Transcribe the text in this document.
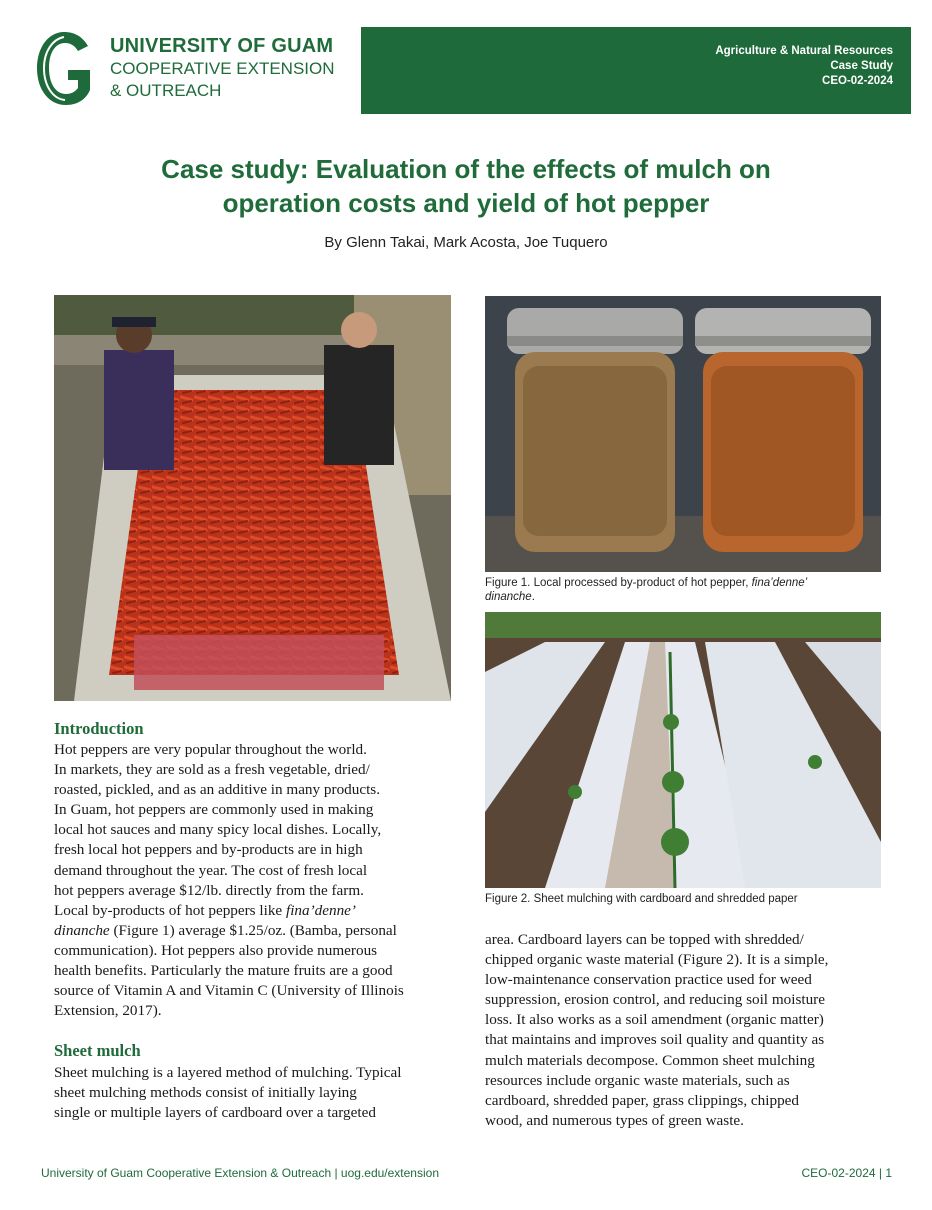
UNIVERSITY OF GUAM
COOPERATIVE EXTENSION
& OUTREACH
Agriculture & Natural Resources
Case Study
CEO-02-2024
Case study: Evaluation of the effects of mulch on
operation costs and yield of hot pepper
By Glenn Takai, Mark Acosta, Joe Tuquero
Figure 1. Local processed by-product of hot pepper, fina’denne’
dinanche.
Figure 2. Sheet mulching with cardboard and shredded paper
Introduction
Hot peppers are very popular throughout the world.
In markets, they are sold as a fresh vegetable, dried/
roasted, pickled, and as an additive in many products.
In Guam, hot peppers are commonly used in making
local hot sauces and many spicy local dishes. Locally,
fresh local hot peppers and by-products are in high
demand throughout the year. The cost of fresh local
hot peppers average $12/lb. directly from the farm.
Local by-products of hot peppers like fina’denne’
dinanche (Figure 1) average $1.25/oz. (Bamba, personal
communication). Hot peppers also provide numerous
health benefits. Particularly the mature fruits are a good
source of Vitamin A and Vitamin C (University of Illinois
Extension, 2017).
Sheet mulch
Sheet mulching is a layered method of mulching. Typical
sheet mulching methods consist of initially laying
single or multiple layers of cardboard over a targeted
area. Cardboard layers can be topped with shredded/
chipped organic waste material (Figure 2). It is a simple,
low-maintenance conservation practice used for weed
suppression, erosion control, and reducing soil moisture
loss. It also works as a soil amendment (organic matter)
that maintains and improves soil quality and quantity as
mulch materials decompose. Common sheet mulching
resources include organic waste materials, such as
cardboard, shredded paper, grass clippings, chipped
wood, and numerous types of green waste.
University of Guam Cooperative Extension & Outreach | uog.edu/extension	CEO-02-2024 | 1
